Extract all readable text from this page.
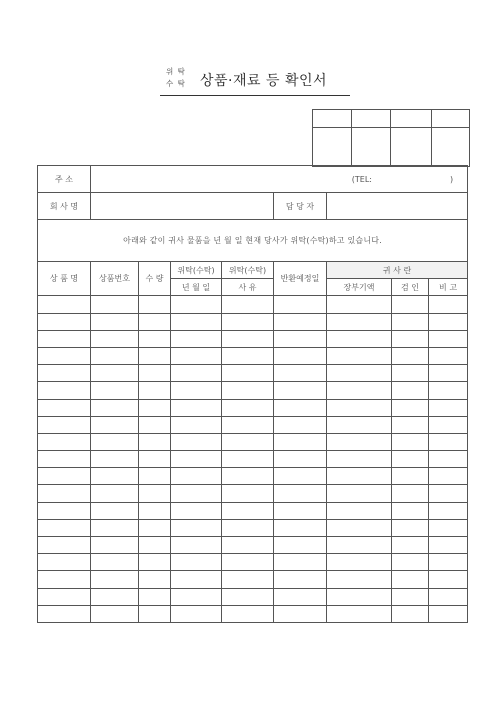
위 탁
수 탁 상품·재료 등 확인서

주 소	(TEL: )							
회 사 명					담 당 자			
아래와 같이 귀사 물품을 년 월 일 현재 당사가 위탁(수탁)하고 있습니다.								
상 품 명	상품번호	수 량	위탁(수탁)	위탁(수탁)	반환예정일	귀 사 란		
			년 월 일	사 유		장부기액	검 인	비 고
